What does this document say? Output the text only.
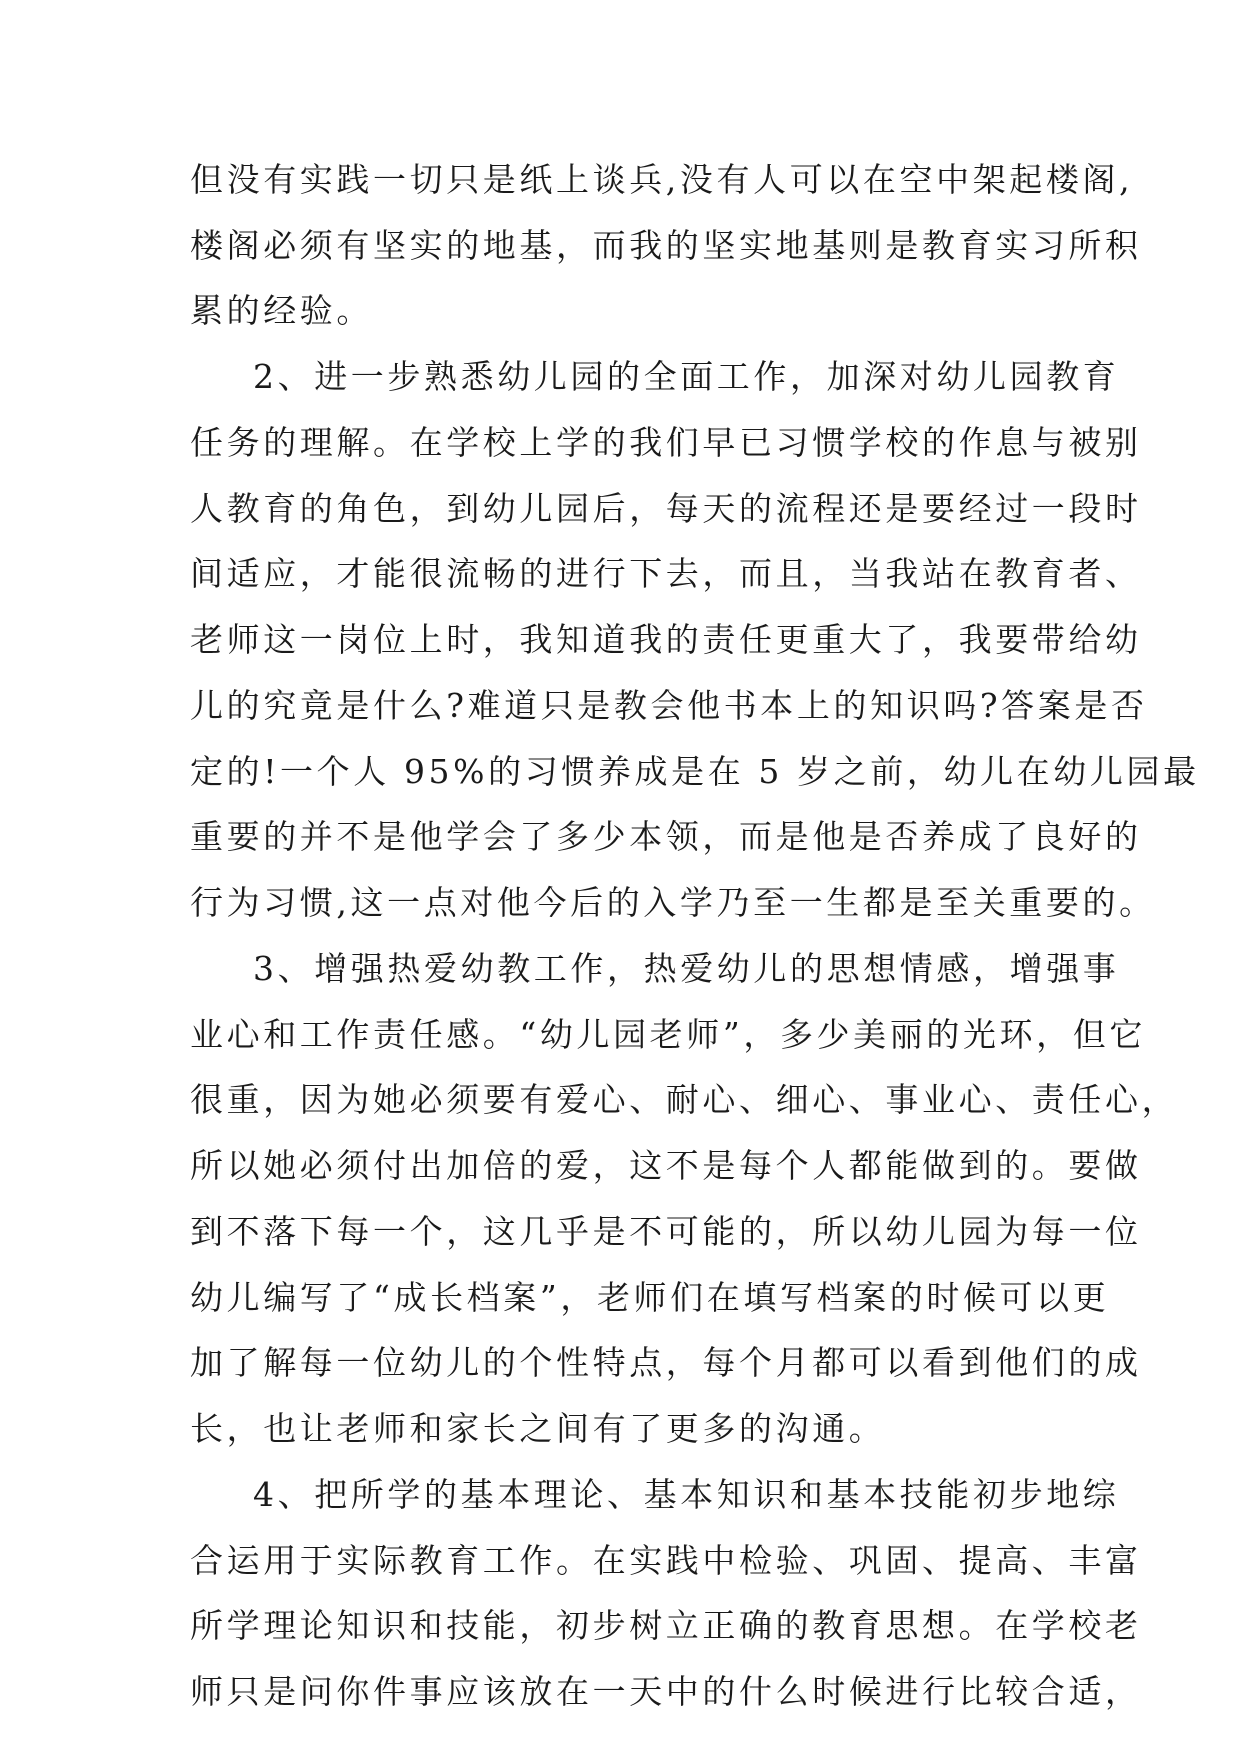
但没有实践一切只是纸上谈兵,没有人可以在空中架起楼阁,
楼阁必须有坚实的地基，而我的坚实地基则是教育实习所积
累的经验。
2、进一步熟悉幼儿园的全面工作，加深对幼儿园教育
任务的理解。在学校上学的我们早已习惯学校的作息与被别
人教育的角色，到幼儿园后，每天的流程还是要经过一段时
间适应，才能很流畅的进行下去，而且，当我站在教育者、
老师这一岗位上时，我知道我的责任更重大了，我要带给幼
儿的究竟是什么?难道只是教会他书本上的知识吗?答案是否
定的!一个人 95%的习惯养成是在 5 岁之前，幼儿在幼儿园最
重要的并不是他学会了多少本领，而是他是否养成了良好的
行为习惯,这一点对他今后的入学乃至一生都是至关重要的。
3、增强热爱幼教工作，热爱幼儿的思想情感，增强事
业心和工作责任感。“幼儿园老师”，多少美丽的光环，但它
很重，因为她必须要有爱心、耐心、细心、事业心、责任心，
所以她必须付出加倍的爱，这不是每个人都能做到的。要做
到不落下每一个，这几乎是不可能的，所以幼儿园为每一位
幼儿编写了“成长档案”，老师们在填写档案的时候可以更
加了解每一位幼儿的个性特点，每个月都可以看到他们的成
长，也让老师和家长之间有了更多的沟通。
4、把所学的基本理论、基本知识和基本技能初步地综
合运用于实际教育工作。在实践中检验、巩固、提高、丰富
所学理论知识和技能，初步树立正确的教育思想。在学校老
师只是问你件事应该放在一天中的什么时候进行比较合适，
